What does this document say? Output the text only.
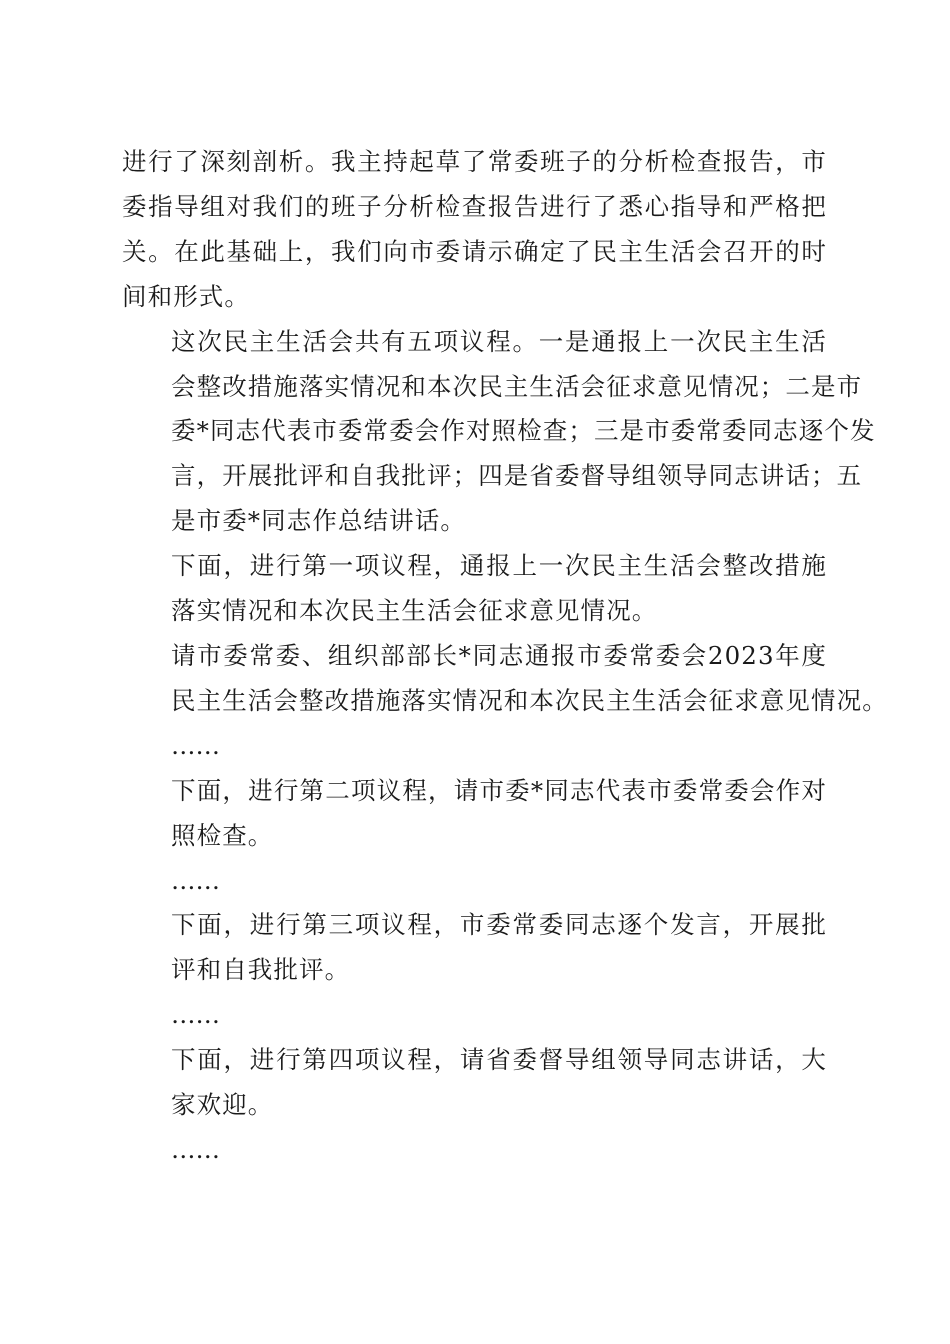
进行了深刻剖析。我主持起草了常委班子的分析检查报告，市
委指导组对我们的班子分析检查报告进行了悉心指导和严格把
关。在此基础上，我们向市委请示确定了民主生活会召开的时
间和形式。

这次民主生活会共有五项议程。一是通报上一次民主生活
会整改措施落实情况和本次民主生活会征求意见情况；二是市
委*同志代表市委常委会作对照检查；三是市委常委同志逐个发
言，开展批评和自我批评；四是省委督导组领导同志讲话；五
是市委*同志作总结讲话。

下面，进行第一项议程，通报上一次民主生活会整改措施
落实情况和本次民主生活会征求意见情况。

请市委常委、组织部部长*同志通报市委常委会2023年度
民主生活会整改措施落实情况和本次民主生活会征求意见情况。

……

下面，进行第二项议程，请市委*同志代表市委常委会作对
照检查。

……

下面，进行第三项议程，市委常委同志逐个发言，开展批
评和自我批评。

……

下面，进行第四项议程，请省委督导组领导同志讲话，大
家欢迎。

……
